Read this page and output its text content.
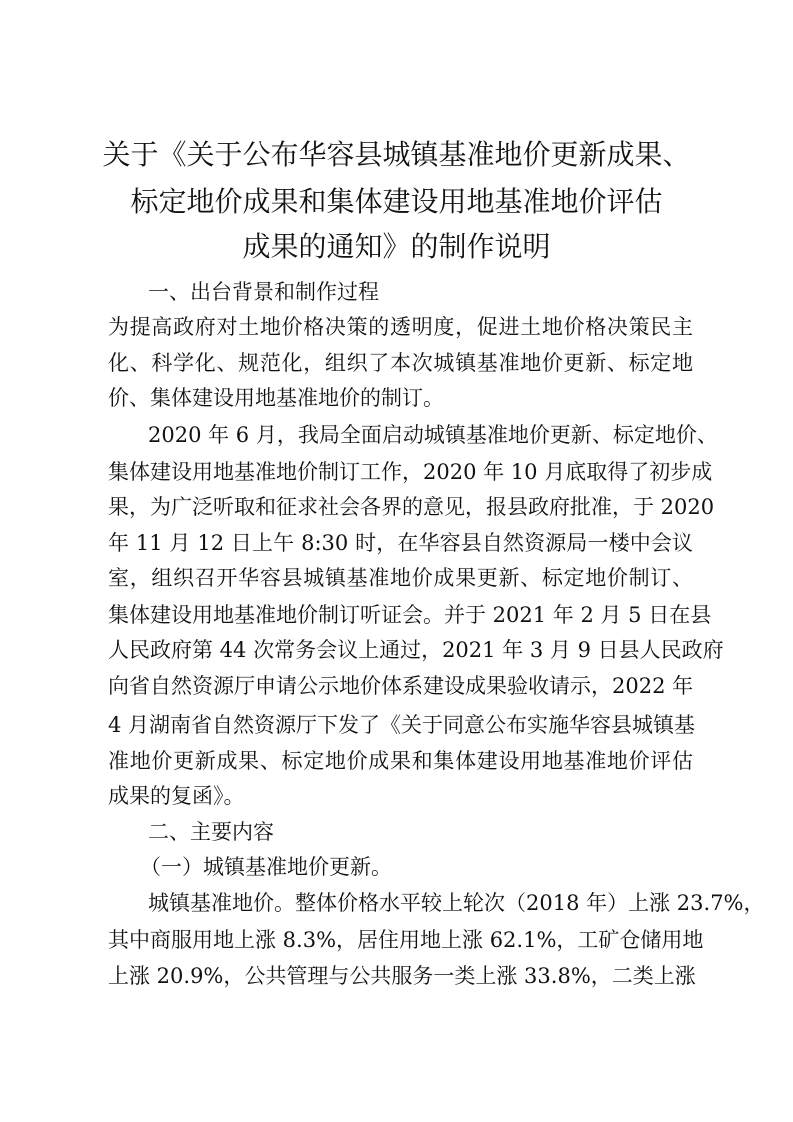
关于《关于公布华容县城镇基准地价更新成果、
标定地价成果和集体建设用地基准地价评估
成果的通知》的制作说明
一、出台背景和制作过程
为提高政府对土地价格决策的透明度，促进土地价格决策民主
化、科学化、规范化，组织了本次城镇基准地价更新、标定地
价、集体建设用地基准地价的制订。
2020 年 6 月，我局全面启动城镇基准地价更新、标定地价、
集体建设用地基准地价制订工作，2020 年 10 月底取得了初步成
果，为广泛听取和征求社会各界的意见，报县政府批准，于 2020
年 11 月 12 日上午 8:30 时，在华容县自然资源局一楼中会议
室，组织召开华容县城镇基准地价成果更新、标定地价制订、
集体建设用地基准地价制订听证会。并于 2021 年 2 月 5 日在县
人民政府第 44 次常务会议上通过，2021 年 3 月 9 日县人民政府
向省自然资源厅申请公示地价体系建设成果验收请示，2022 年
4 月湖南省自然资源厅下发了《关于同意公布实施华容县城镇基
准地价更新成果、标定地价成果和集体建设用地基准地价评估
成果的复函》。
二、主要内容
（一）城镇基准地价更新。
城镇基准地价。整体价格水平较上轮次（2018 年）上涨 23.7%，
其中商服用地上涨 8.3%，居住用地上涨 62.1%，工矿仓储用地
上涨 20.9%，公共管理与公共服务一类上涨 33.8%，二类上涨
